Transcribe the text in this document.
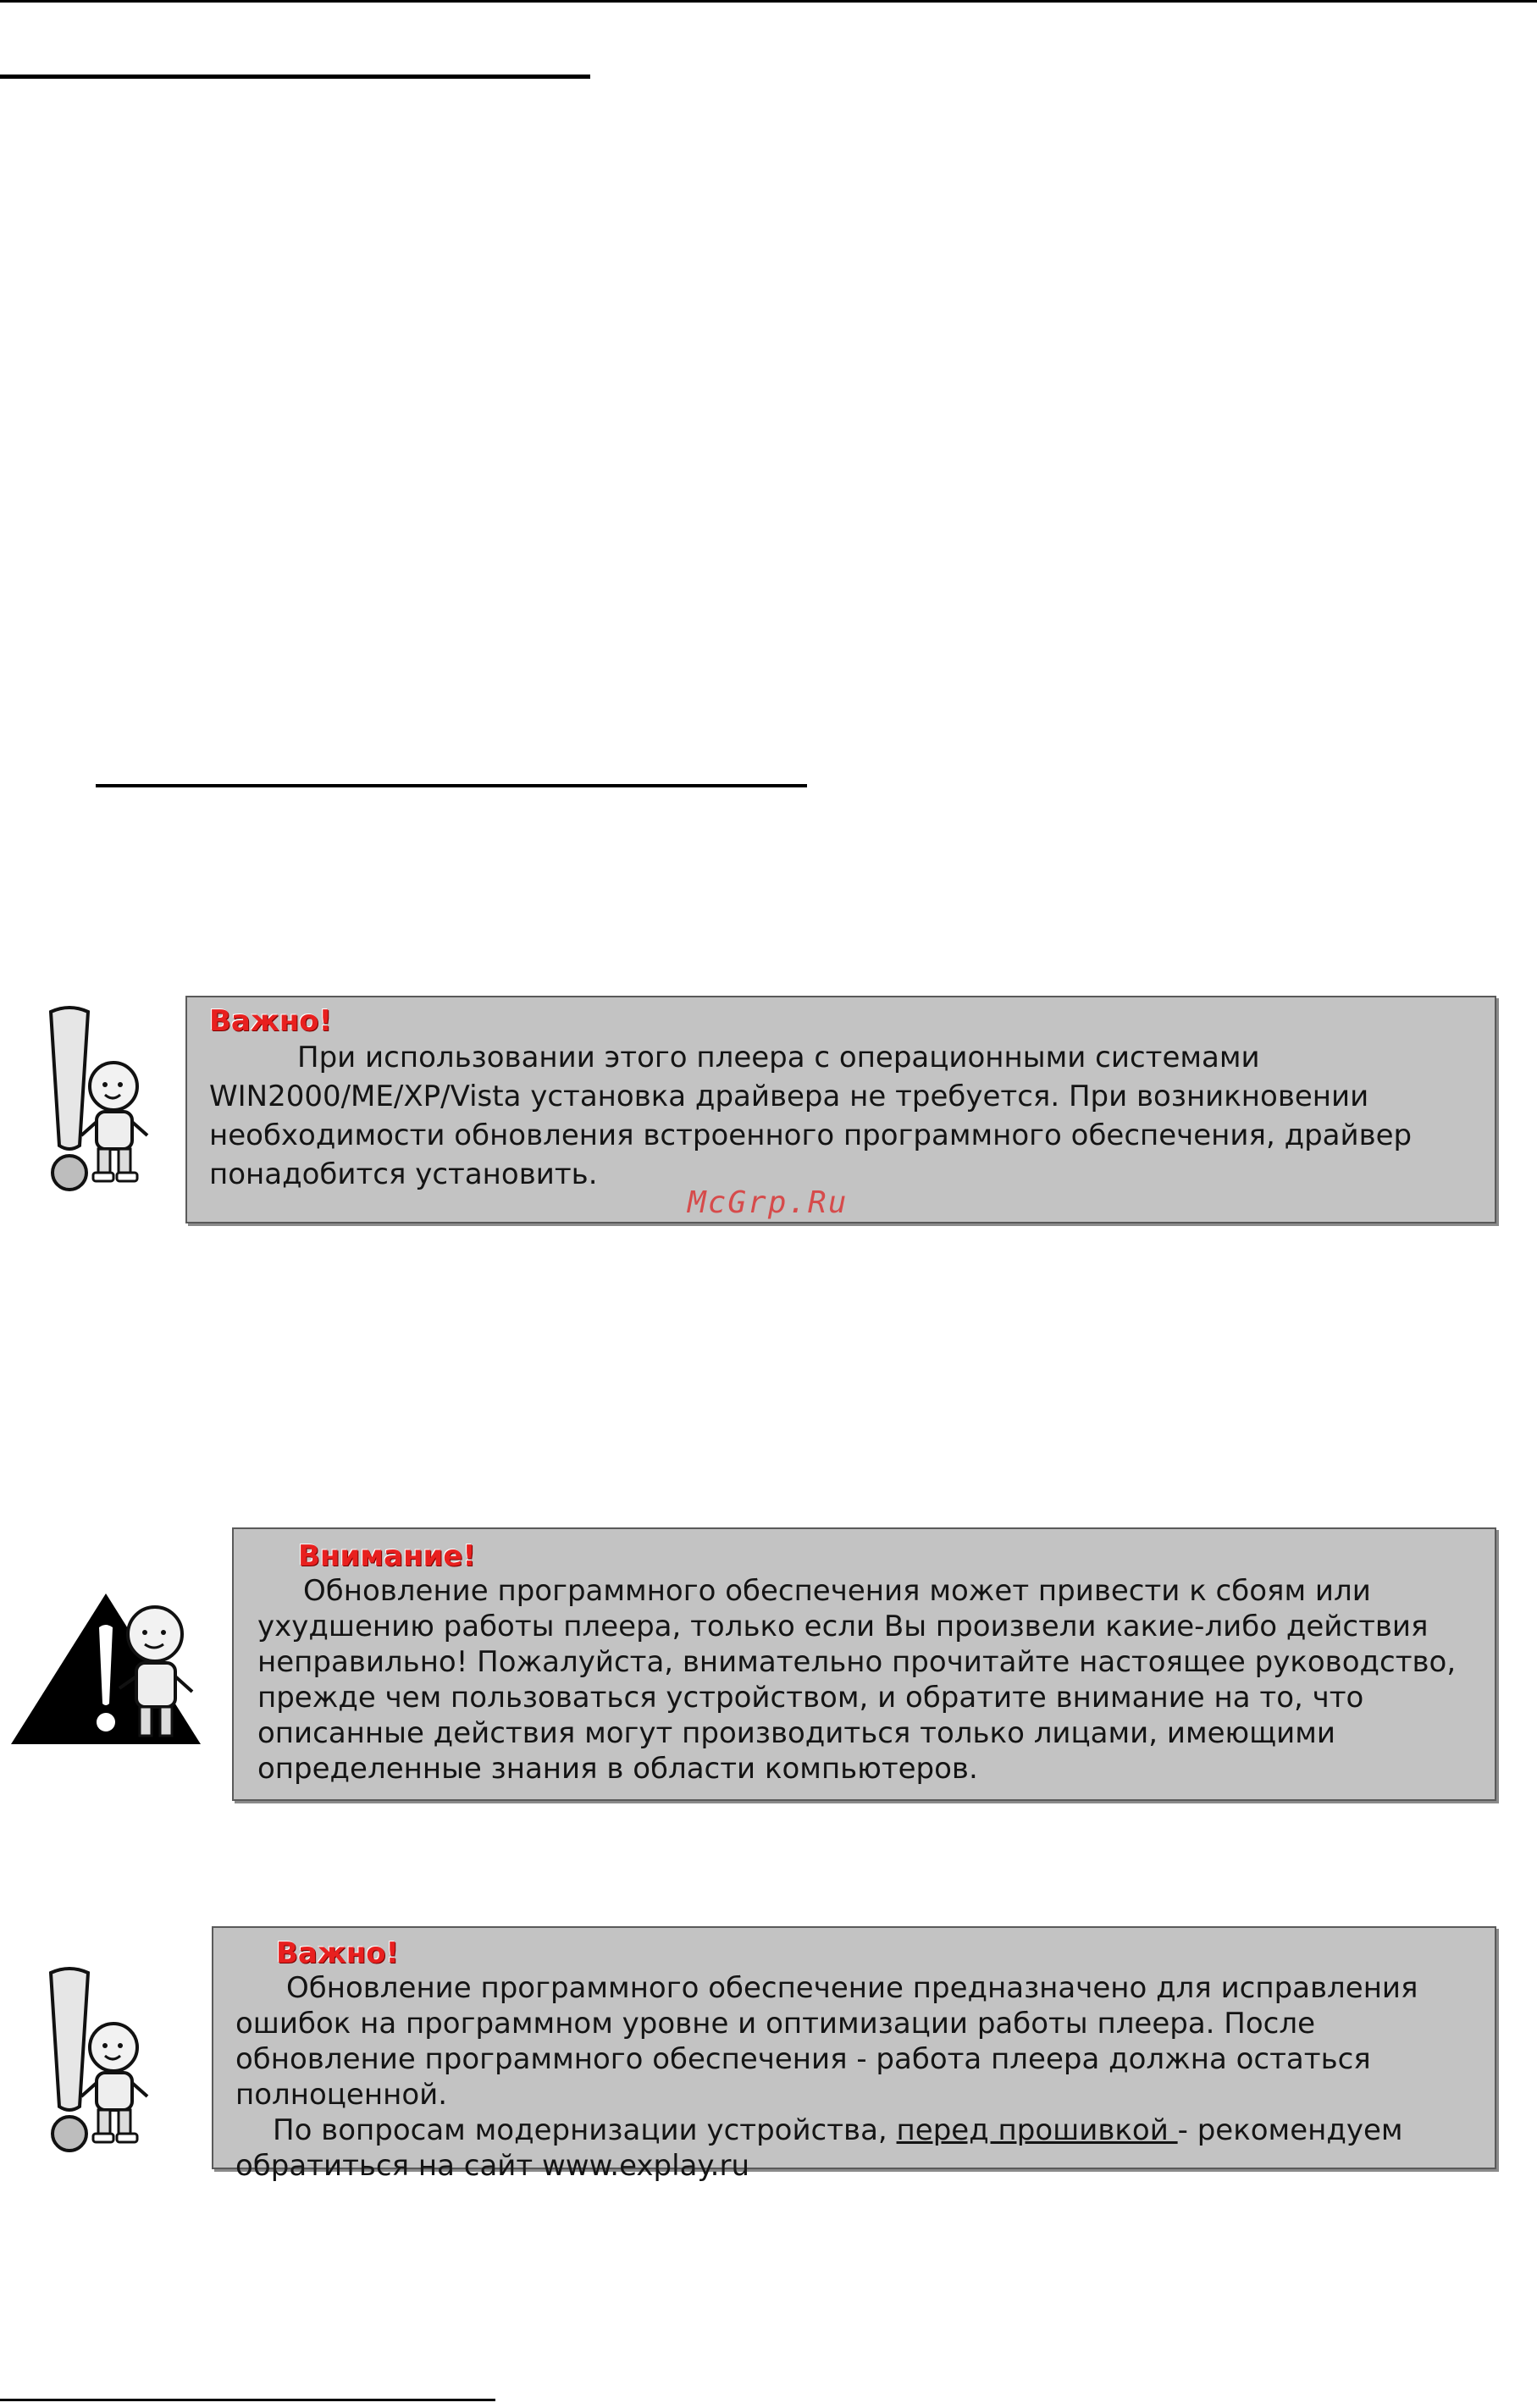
Важно!

При использовании этого плеера с операционными системами WIN2000/ME/XP/Vista установка драйвера не требуется. При возникновении необходимости обновления встроенного программного обеспечения, драйвер понадобится установить.

McGrp.Ru
Внимание!

Обновление программного обеспечения может привести к сбоям или ухудшению работы плеера, только если Вы произвели какие-либо действия неправильно! Пожалуйста, внимательно прочитайте настоящее руководство, прежде чем пользоваться устройством, и обратите внимание на то, что описанные действия могут производиться только лицами, имеющими определенные знания в области компьютеров.

Важно!

Обновление программного обеспечение предназначено для исправления ошибок на программном уровне и оптимизации работы плеера. После обновление программного обеспечения - работа плеера должна остаться полноценной.

По вопросам модернизации устройства, перед прошивкой - рекомендуем обратиться на сайт www.explay.ru
